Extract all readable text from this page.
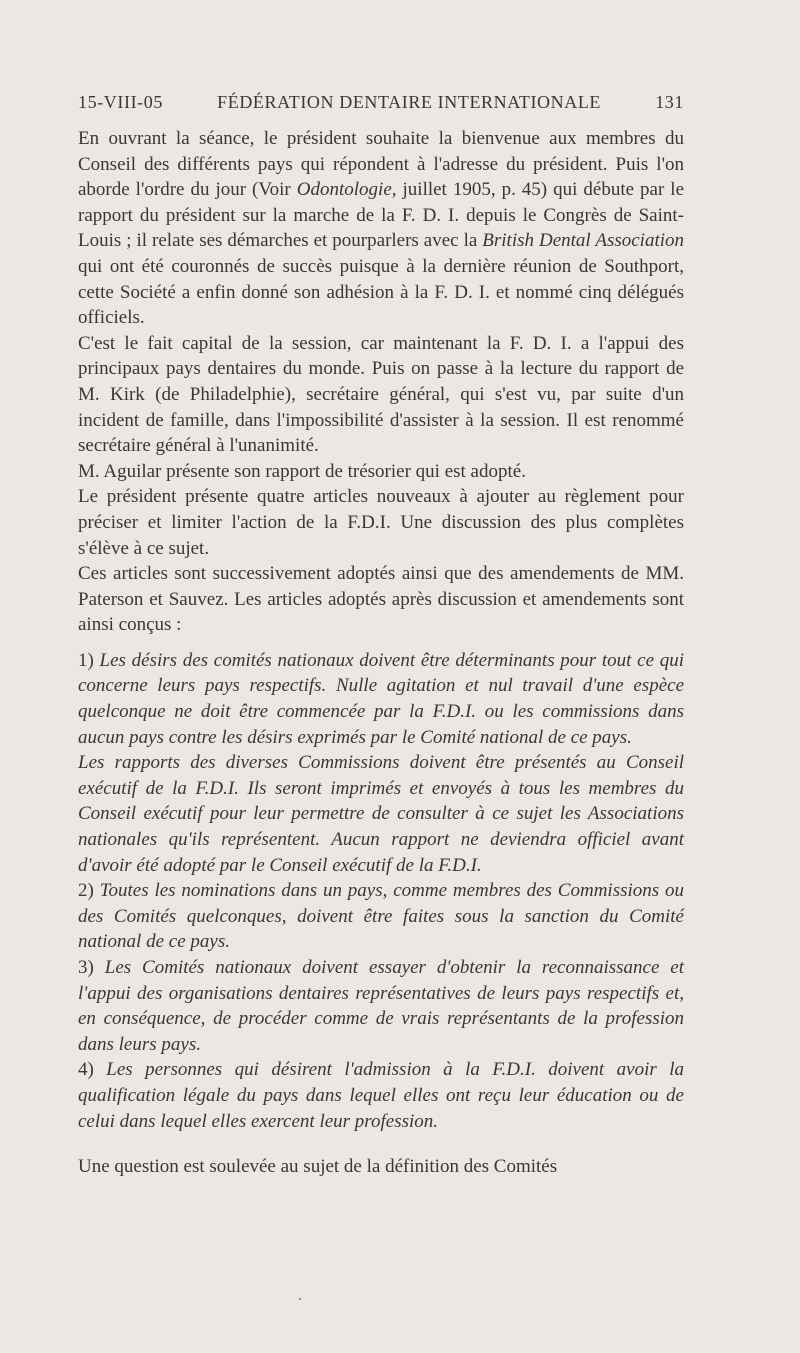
15-VIII-05	FÉDÉRATION DENTAIRE INTERNATIONALE	131

En ouvrant la séance, le président souhaite la bienvenue aux membres du Conseil des différents pays qui répondent à l'adresse du président. Puis l'on aborde l'ordre du jour (Voir Odontologie, juillet 1905, p. 45) qui débute par le rapport du président sur la marche de la F. D. I. depuis le Congrès de Saint-Louis ; il relate ses démarches et pourparlers avec la British Dental Association qui ont été couronnés de succès puisque à la dernière réunion de Southport, cette Société a enfin donné son adhésion à la F. D. I. et nommé cinq délégués officiels.

C'est le fait capital de la session, car maintenant la F. D. I. a l'appui des principaux pays dentaires du monde. Puis on passe à la lecture du rapport de M. Kirk (de Philadelphie), secrétaire général, qui s'est vu, par suite d'un incident de famille, dans l'impossibilité d'assister à la session. Il est renommé secrétaire général à l'unanimité.

M. Aguilar présente son rapport de trésorier qui est adopté.

Le président présente quatre articles nouveaux à ajouter au règlement pour préciser et limiter l'action de la F.D.I. Une discussion des plus complètes s'élève à ce sujet.

Ces articles sont successivement adoptés ainsi que des amendements de MM. Paterson et Sauvez. Les articles adoptés après discussion et amendements sont ainsi conçus :

1) Les désirs des comités nationaux doivent être déterminants pour tout ce qui concerne leurs pays respectifs. Nulle agitation et nul travail d'une espèce quelconque ne doit être commencée par la F.D.I. ou les commissions dans aucun pays contre les désirs exprimés par le Comité national de ce pays.

Les rapports des diverses Commissions doivent être présentés au Conseil exécutif de la F.D.I. Ils seront imprimés et envoyés à tous les membres du Conseil exécutif pour leur permettre de consulter à ce sujet les Associations nationales qu'ils représentent. Aucun rapport ne deviendra officiel avant d'avoir été adopté par le Conseil exécutif de la F.D.I.

2) Toutes les nominations dans un pays, comme membres des Commissions ou des Comités quelconques, doivent être faites sous la sanction du Comité national de ce pays.

3) Les Comités nationaux doivent essayer d'obtenir la reconnaissance et l'appui des organisations dentaires représentatives de leurs pays respectifs et, en conséquence, de procéder comme de vrais représentants de la profession dans leurs pays.

4) Les personnes qui désirent l'admission à la F.D.I. doivent avoir la qualification légale du pays dans lequel elles ont reçu leur éducation ou de celui dans lequel elles exercent leur profession.

Une question est soulevée au sujet de la définition des Comités
